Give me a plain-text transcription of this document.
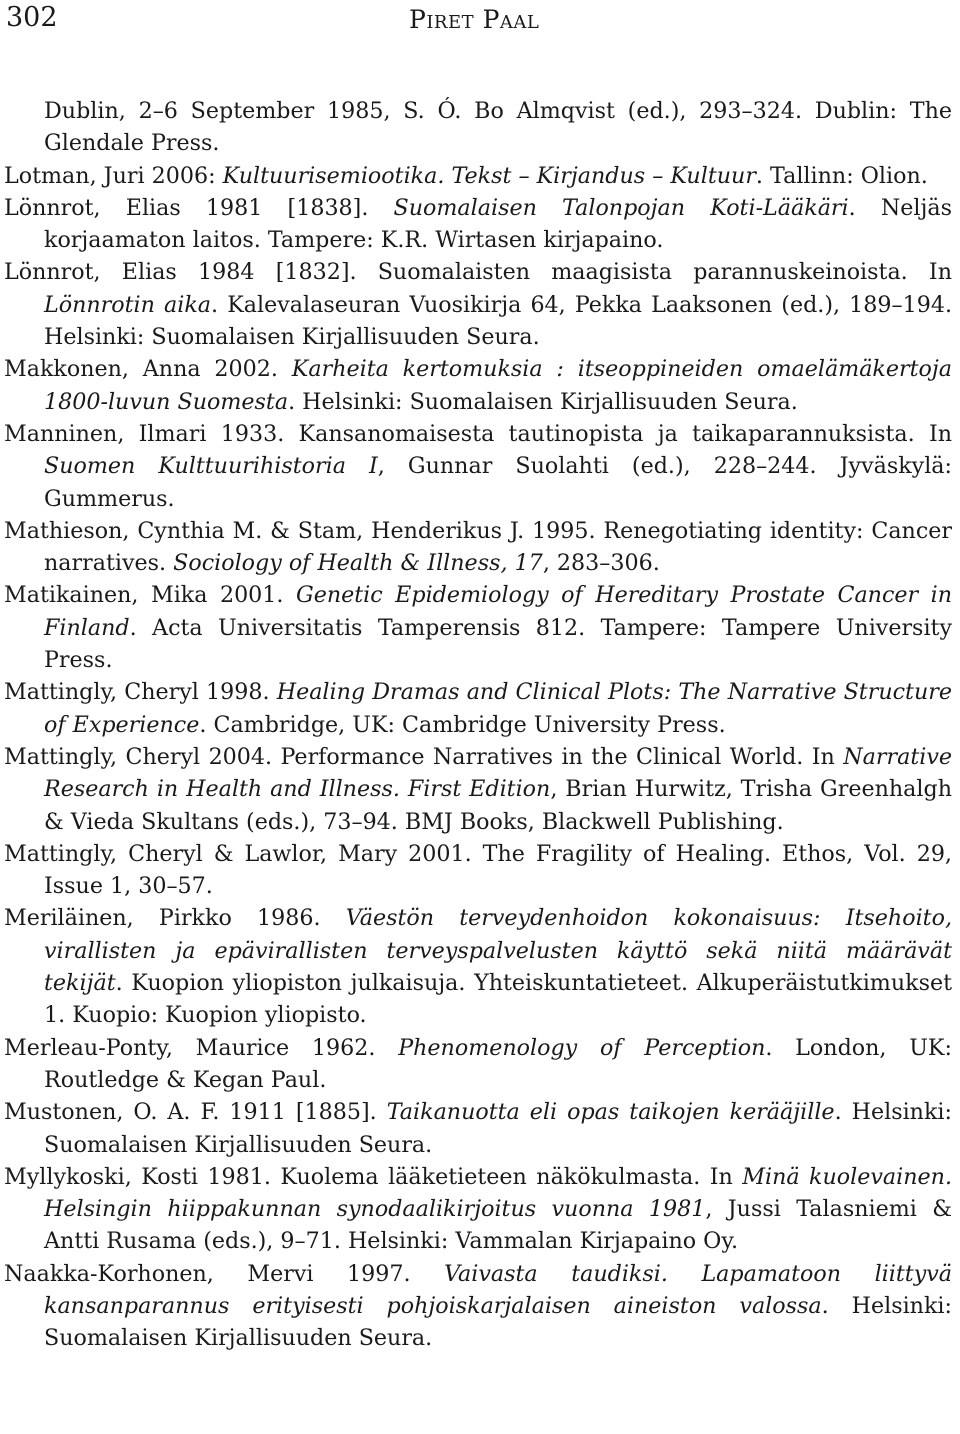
302	Piret Paal

Dublin, 2–6 September 1985, S. Ó. Bo Almqvist (ed.), 293–324. Dublin: The Glendale Press.

Lotman, Juri 2006: Kultuurisemiootika. Tekst – Kirjandus – Kultuur. Tallinn: Olion.

Lönnrot, Elias 1981 [1838]. Suomalaisen Talonpojan Koti-Lääkäri. Neljäs korjaamaton laitos. Tampere: K.R. Wirtasen kirjapaino.

Lönnrot, Elias 1984 [1832]. Suomalaisten maagisista parannuskeinoista. In Lönnrotin aika. Kalevalaseuran Vuosikirja 64, Pekka Laaksonen (ed.), 189–194. Helsinki: Suomalaisen Kirjallisuuden Seura.

Makkonen, Anna 2002. Karheita kertomuksia : itseoppineiden omaelämäkertoja 1800-luvun Suomesta. Helsinki: Suomalaisen Kirjallisuuden Seura.

Manninen, Ilmari 1933. Kansanomaisesta tautinopista ja taikaparannuksista. In Suomen Kulttuurihistoria I, Gunnar Suolahti (ed.), 228–244. Jyväskylä: Gummerus.

Mathieson, Cynthia M. & Stam, Henderikus J. 1995. Renegotiating identity: Cancer narratives. Sociology of Health & Illness, 17, 283–306.

Matikainen, Mika 2001. Genetic Epidemiology of Hereditary Prostate Cancer in Finland. Acta Universitatis Tamperensis 812. Tampere: Tampere University Press.

Mattingly, Cheryl 1998. Healing Dramas and Clinical Plots: The Narrative Structure of Experience. Cambridge, UK: Cambridge University Press.

Mattingly, Cheryl 2004. Performance Narratives in the Clinical World. In Narrative Research in Health and Illness. First Edition, Brian Hurwitz, Trisha Greenhalgh & Vieda Skultans (eds.), 73–94. BMJ Books, Blackwell Publishing.

Mattingly, Cheryl & Lawlor, Mary 2001. The Fragility of Healing. Ethos, Vol. 29, Issue 1, 30–57.

Meriläinen, Pirkko 1986. Väestön terveydenhoidon kokonaisuus: Itsehoito, virallisten ja epävirallisten terveyspalvelusten käyttö sekä niitä määrävät tekijät. Kuopion yliopiston julkaisuja. Yhteiskuntatieteet. Alkuperäistutkimukset 1. Kuopio: Kuopion yliopisto.

Merleau-Ponty, Maurice 1962. Phenomenology of Perception. London, UK: Routledge & Kegan Paul.

Mustonen, O. A. F. 1911 [1885]. Taikanuotta eli opas taikojen kerääjille. Helsinki: Suomalaisen Kirjallisuuden Seura.

Myllykoski, Kosti 1981. Kuolema lääketieteen näkökulmasta. In Minä kuolevainen. Helsingin hiippakunnan synodaalikirjoitus vuonna 1981, Jussi Talasniemi & Antti Rusama (eds.), 9–71. Helsinki: Vammalan Kirjapaino Oy.

Naakka-Korhonen, Mervi 1997. Vaivasta taudiksi. Lapamatoon liittyvä kansanparannus erityisesti pohjoiskarjalaisen aineiston valossa. Helsinki: Suomalaisen Kirjallisuuden Seura.
